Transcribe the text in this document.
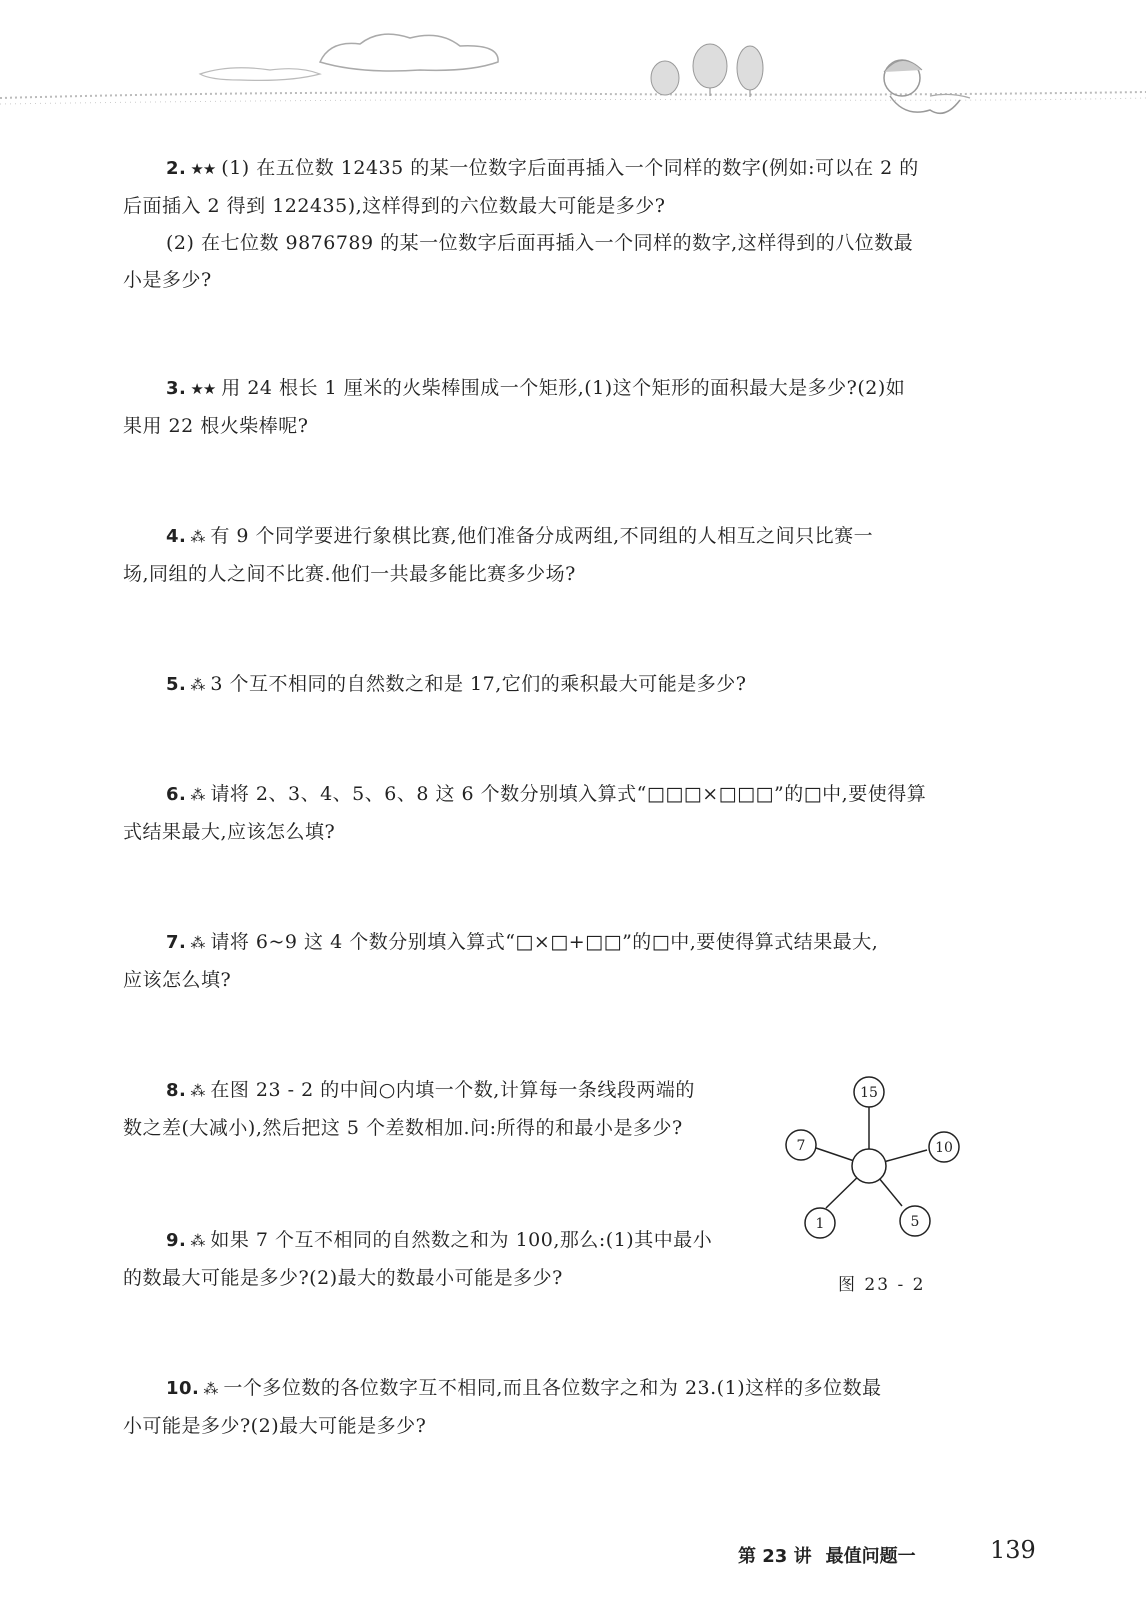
2. ★★ (1) 在五位数 12435 的某一位数字后面再插入一个同样的数字(例如:可以在 2 的
后面插入 2 得到 122435),这样得到的六位数最大可能是多少?
(2) 在七位数 9876789 的某一位数字后面再插入一个同样的数字,这样得到的八位数最
小是多少?
3. ★★ 用 24 根长 1 厘米的火柴棒围成一个矩形,(1)这个矩形的面积最大是多少?(2)如
果用 22 根火柴棒呢?
4. ⁂ 有 9 个同学要进行象棋比赛,他们准备分成两组,不同组的人相互之间只比赛一
场,同组的人之间不比赛.他们一共最多能比赛多少场?
5. ⁂ 3 个互不相同的自然数之和是 17,它们的乘积最大可能是多少?
6. ⁂ 请将 2、3、4、5、6、8 这 6 个数分别填入算式“□□□×□□□”的□中,要使得算
式结果最大,应该怎么填?
7. ⁂ 请将 6~9 这 4 个数分别填入算式“□×□+□□”的□中,要使得算式结果最大,
应该怎么填?
8. ⁂ 在图 23 - 2 的中间○内填一个数,计算每一条线段两端的
数之差(大减小),然后把这 5 个差数相加.问:所得的和最小是多少?
9. ⁂ 如果 7 个互不相同的自然数之和为 100,那么:(1)其中最小
的数最大可能是多少?(2)最大的数最小可能是多少?
10. ⁂ 一个多位数的各位数字互不相同,而且各位数字之和为 23.(1)这样的多位数最
小可能是多少?(2)最大可能是多少?
15
7	10
1	5
图 23 - 2
第 23 讲 最值问题一	139
